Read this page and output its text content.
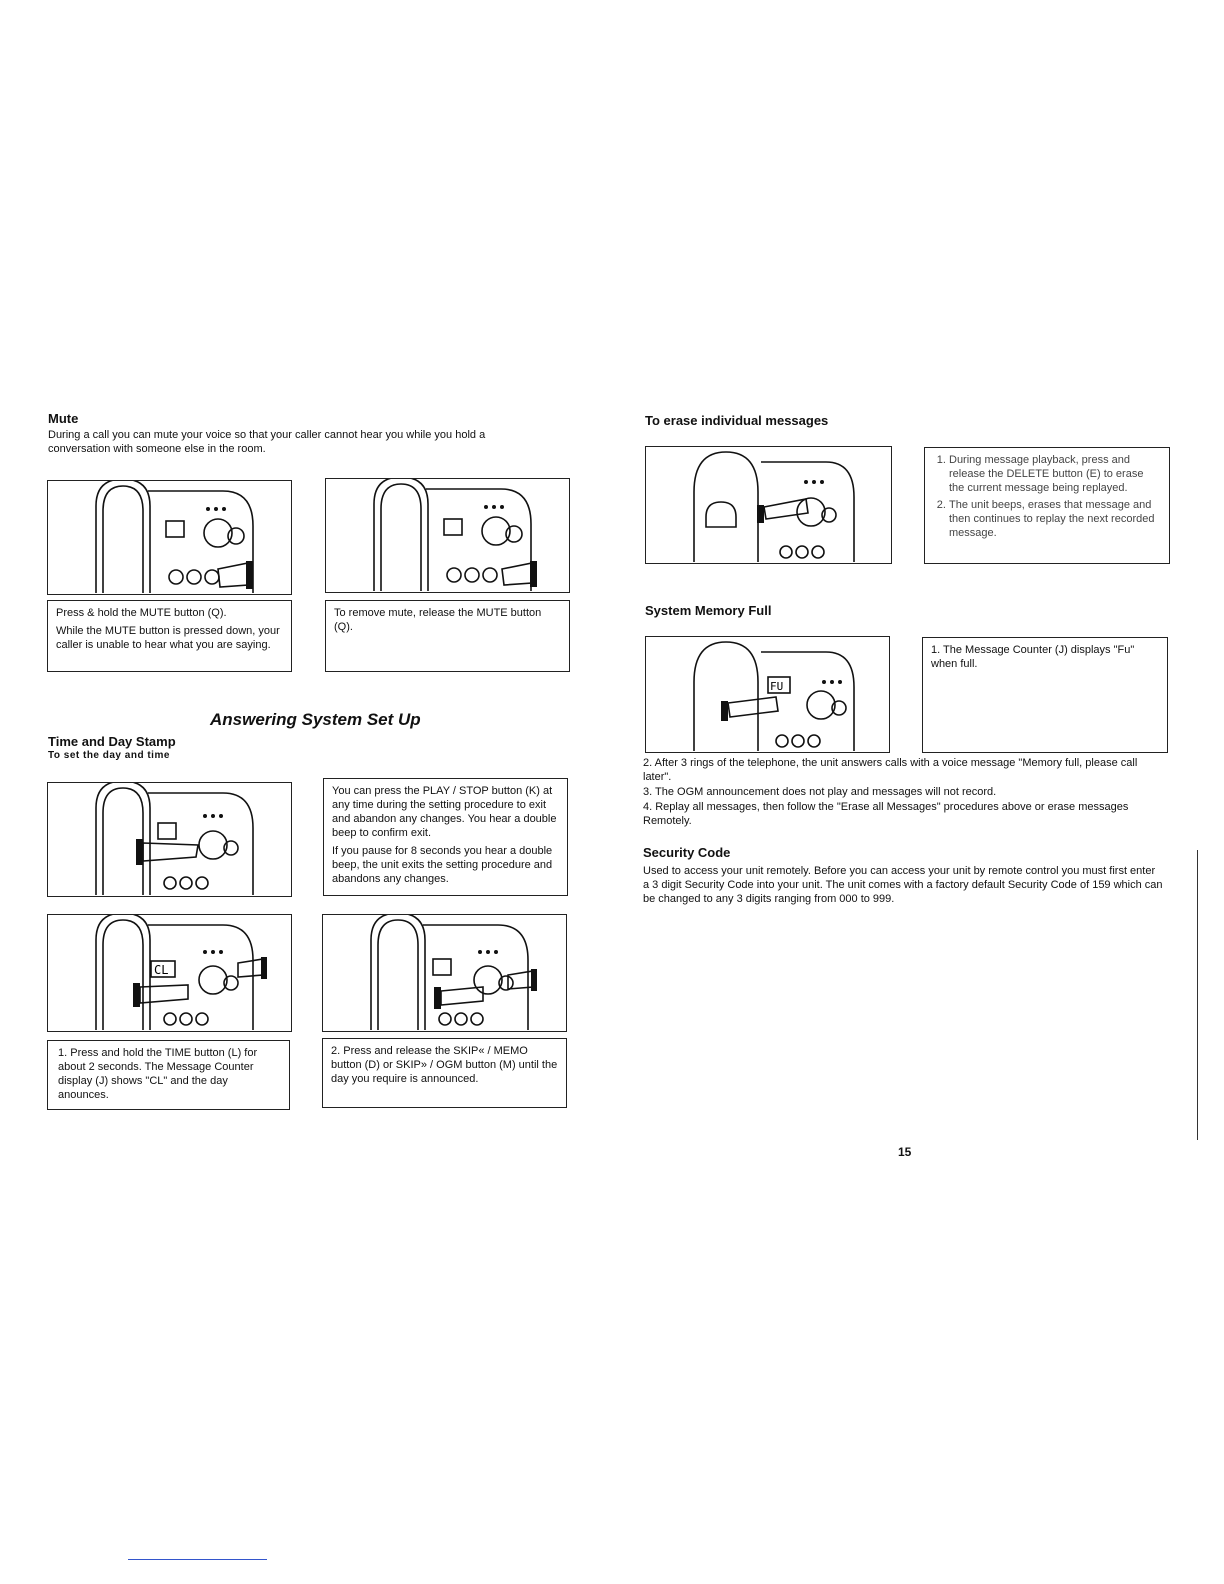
Mute
During a call you can mute your voice so that your caller cannot hear you while you hold a conversation with someone else in the room.

Press & hold the MUTE button (Q).

While the MUTE button is pressed down, your caller is unable to hear what you are saying.

To remove mute, release the MUTE button (Q).

Answering System Set Up
Time and Day Stamp
To set the day and time

You can press the PLAY / STOP button (K) at any time during the setting procedure to exit and abandon any changes. You hear a double beep to confirm exit.

If you pause for 8 seconds you hear a double beep, the unit exits the setting procedure and abandons any changes.

CL

1. Press and hold the TIME button (L) for about 2 seconds. The Message Counter display (J) shows "CL" and the day anounces.

2. Press and release the SKIP« / MEMO button (D) or SKIP» / OGM button (M) until the day you require is announced.

To erase individual messages
1. During message playback, press and release the DELETE button (E) to erase the current message being replayed.
2. The unit beeps, erases that message and then continues to replay the next recorded message.
System Memory Full
FU

1. The Message Counter (J) displays "Fu" when full.

2. After 3 rings of the telephone, the unit answers calls with a voice message "Memory full, please call later".
3. The OGM announcement does not play and messages will not record.
4. Replay all messages, then follow the "Erase all Messages" procedures above or erase messages Remotely.
Security Code
Used to access your unit remotely. Before you can access your unit by remote control you must first enter a 3 digit Security Code into your unit. The unit comes with a factory default Security Code of 159 which can be changed to any 3 digits ranging from 000 to 999.
15
